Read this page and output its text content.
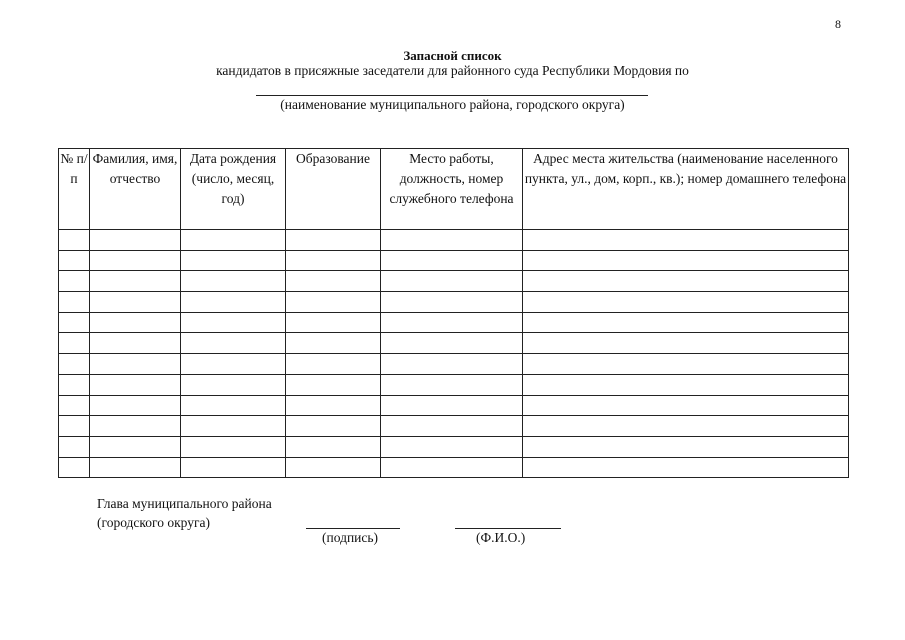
8
Запасной список
кандидатов в присяжные заседатели для районного суда Республики Мордовия по
(наименование муниципального района, городского округа)
№ п/п	Фамилия, имя, отчество	Дата рождения (число, месяц, год)	Образование	Место работы, должность, номер служебного телефона	Адрес места жительства (наименование населенного пункта, ул., дом, корп., кв.); номер домашнего телефона

Глава муниципального района
(городского округа)
(подпись)	(Ф.И.О.)
